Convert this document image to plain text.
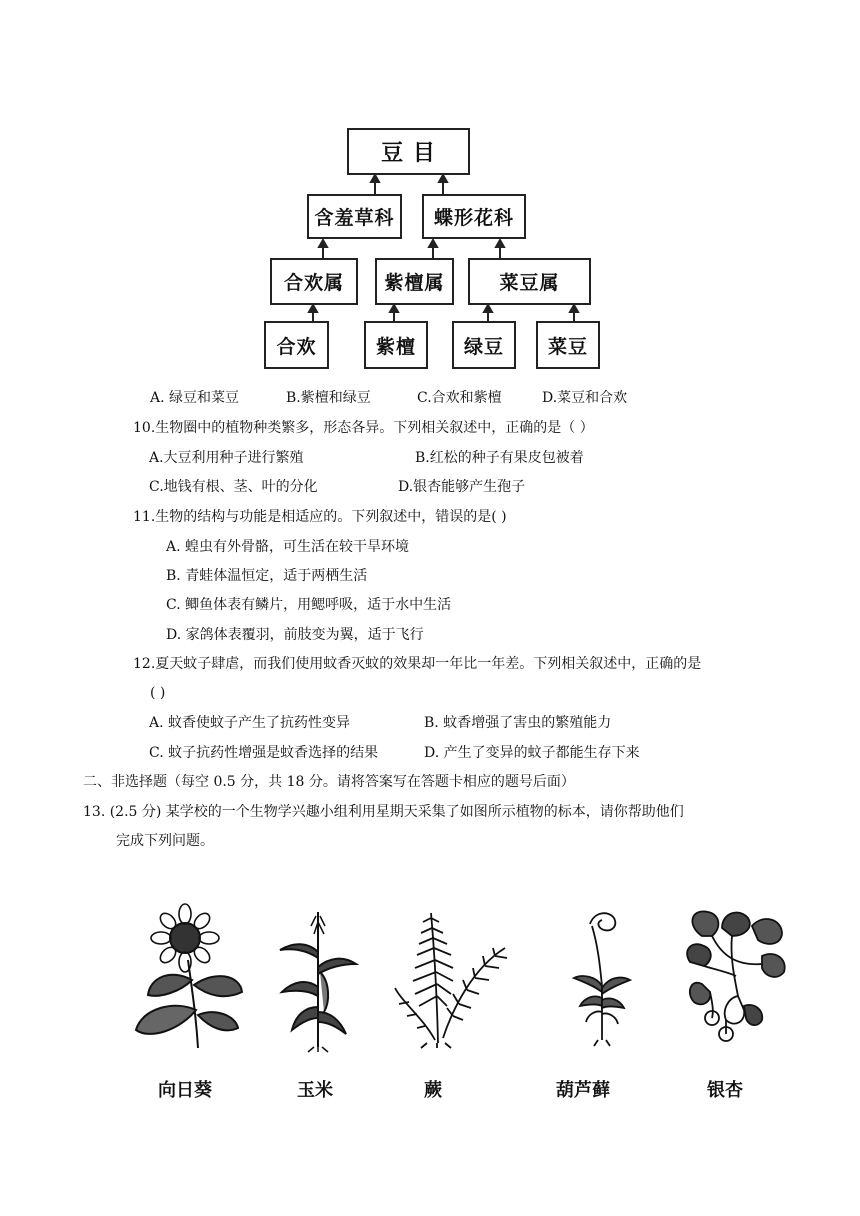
豆 目
含羞草科	蝶形花科
合欢属	紫檀属	菜豆属
合欢	紫檀	绿豆	菜豆
A. 绿豆和菜豆	B.紫檀和绿豆	C.合欢和紫檀	D.菜豆和合欢
10.生物圈中的植物种类繁多，形态各异。下列相关叙述中，正确的是（ ）
A.大豆利用种子进行繁殖	B.红松的种子有果皮包被着
C.地钱有根、茎、叶的分化	D.银杏能够产生孢子
11.生物的结构与功能是相适应的。下列叙述中，错误的是( )
A. 蝗虫有外骨骼，可生活在较干旱环境
B. 青蛙体温恒定，适于两栖生活
C. 鲫鱼体表有鳞片，用鳃呼吸，适于水中生活
D. 家鸽体表覆羽，前肢变为翼，适于飞行
12.夏天蚊子肆虐，而我们使用蚊香灭蚊的效果却一年比一年差。下列相关叙述中，正确的是
( )
A. 蚊香使蚊子产生了抗药性变异	B. 蚊香增强了害虫的繁殖能力
C. 蚊子抗药性增强是蚊香选择的结果	D. 产生了变异的蚊子都能生存下来
二、非选择题（每空 0.5 分，共 18 分。请将答案写在答题卡相应的题号后面）
13. (2.5 分) 某学校的一个生物学兴趣小组利用星期天采集了如图所示植物的标本，请你帮助他们
完成下列问题。
向日葵	玉米	蕨	葫芦藓	银杏
